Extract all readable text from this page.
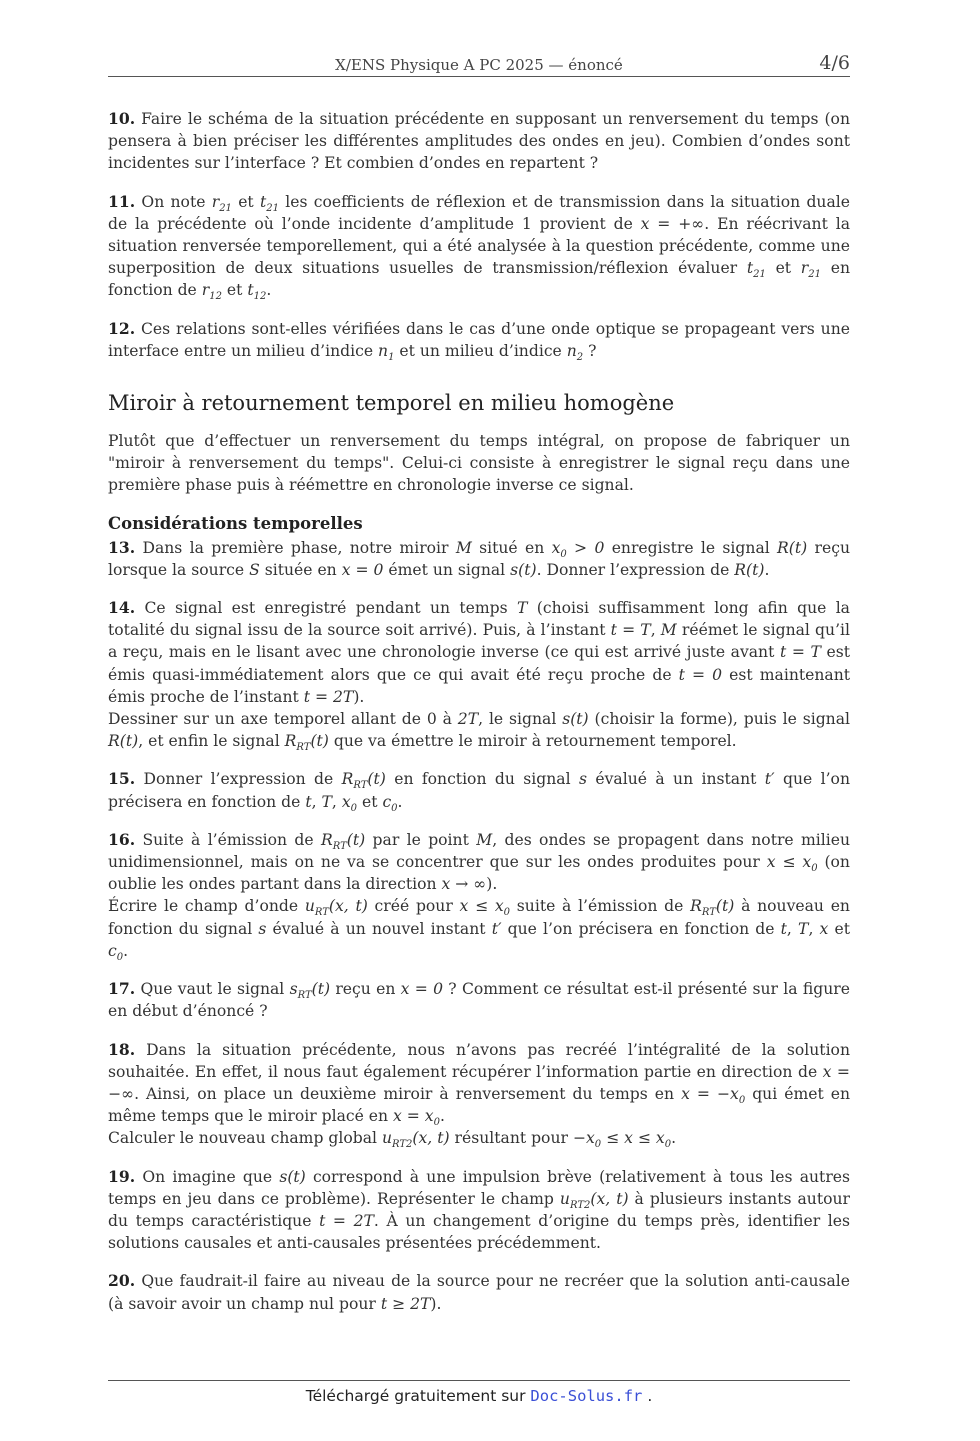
X/ENS Physique A PC 2025 — énoncé	4/6

10. Faire le schéma de la situation précédente en supposant un renversement du temps (on pensera à bien préciser les différentes amplitudes des ondes en jeu). Combien d’ondes sont incidentes sur l’interface ? Et combien d’ondes en repartent ?

11. On note $r_{21}$ et $t_{21}$ les coefficients de réflexion et de transmission dans la situation duale de la précédente où l’onde incidente d’amplitude 1 provient de x = +∞. En réécrivant la situation renversée temporellement, qui a été analysée à la question précédente, comme une superposition de deux situations usuelles de transmission/réflexion évaluer $t_{21}$ et $r_{21}$ en fonction de $r_{12}$ et $t_{12}$.

12. Ces relations sont-elles vérifiées dans le cas d’une onde optique se propageant vers une interface entre un milieu d’indice $n_1$ et un milieu d’indice $n_2$ ?

Miroir à retournement temporel en milieu homogène

Plutôt que d’effectuer un renversement du temps intégral, on propose de fabriquer un "miroir à renversement du temps". Celui-ci consiste à enregistrer le signal reçu dans une première phase puis à réémettre en chronologie inverse ce signal.

Considérations temporelles

13. Dans la première phase, notre miroir M situé en $x_0 > 0$ enregistre le signal R(t) reçu lorsque la source S située en x = 0 émet un signal s(t). Donner l’expression de R(t).

14. Ce signal est enregistré pendant un temps T (choisi suffisamment long afin que la totalité du signal issu de la source soit arrivé). Puis, à l’instant t = T, M réémet le signal qu’il a reçu, mais en le lisant avec une chronologie inverse (ce qui est arrivé juste avant t = T est émis quasi-immédiatement alors que ce qui avait été reçu proche de t = 0 est maintenant émis proche de l’instant t = 2T).
Dessiner sur un axe temporel allant de 0 à 2T, le signal s(t) (choisir la forme), puis le signal R(t), et enfin le signal $R_{RT}(t)$ que va émettre le miroir à retournement temporel.

15. Donner l’expression de $R_{RT}(t)$ en fonction du signal s évalué à un instant t′ que l’on précisera en fonction de t, T, $x_0$ et $c_0$.

16. Suite à l’émission de $R_{RT}(t)$ par le point M, des ondes se propagent dans notre milieu unidimensionnel, mais on ne va se concentrer que sur les ondes produites pour $x \le x_0$ (on oublie les ondes partant dans la direction x → ∞).
Écrire le champ d’onde $u_{RT}(x$, t) créé pour $x \le x_0$ suite à l’émission de $R_{RT}(t)$ à nouveau en fonction du signal s évalué à un nouvel instant t′ que l’on précisera en fonction de t, T, x et $c_0$.

17. Que vaut le signal $s_{RT}(t)$ reçu en x = 0 ? Comment ce résultat est-il présenté sur la figure en début d’énoncé ?

18. Dans la situation précédente, nous n’avons pas recréé l’intégralité de la solution souhaitée. En effet, il nous faut également récupérer l’information partie en direction de x = −∞. Ainsi, on place un deuxième miroir à renversement du temps en $x = -x_0$ qui émet en même temps que le miroir placé en $x = x_0$.
Calculer le nouveau champ global $u_{RT2}(x$, t) résultant pour $-x_0 \le x \le x_0$.

19. On imagine que s(t) correspond à une impulsion brève (relativement à tous les autres temps en jeu dans ce problème). Représenter le champ $u_{RT2}(x$, t) à plusieurs instants autour du temps caractéristique t = 2T. À un changement d’origine du temps près, identifier les solutions causales et anti-causales présentées précédemment.

20. Que faudrait-il faire au niveau de la source pour ne recréer que la solution anti-causale (à savoir avoir un champ nul pour t ≥ 2T).

Téléchargé gratuitement sur Doc-Solus.fr .
